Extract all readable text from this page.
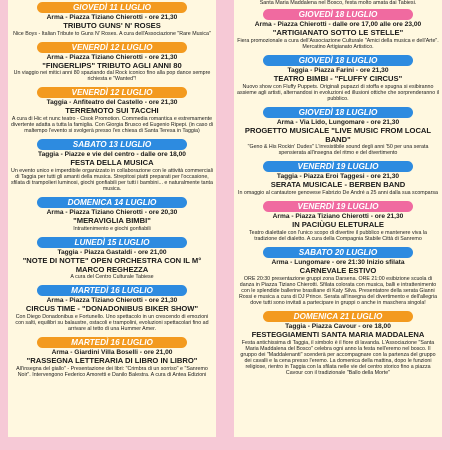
GIOVEDÌ 11 LUGLIO
Arma - Piazza Tiziano Chierotti - ore 21,30
TRIBUTO GUNS' N' ROSES
Nice Boys - Italian Tribute to Guns N' Roses. A cura dell'Associazione "Rare Musica"
VENERDÌ 12 LUGLIO
Arma - Piazza Tiziano Chierotti - ore 21,30
"FINGERLIPS" TRIBUTO AGLI ANNI 80
Un viaggio nei mitici anni 80 spaziando dal Rock iconico fino alla pop dance sempre richiesta e "Wanted"!
VENERDÌ 12 LUGLIO
Taggia - Anfiteatro del Castello - ore 21,30
TERREMOTO SUI TACCHI
A cura di Hic et nunc teatro - Cisok Promotion. Commedia romantica e estremamente divertente adatta a tutta la famiglia. Con Giorgia Brusco ed Eugenio Ripepi. (in caso di maltempo l'evento si svolgerà presso l'ex chiesa di Santa Teresa in Taggia)
SABATO 13 LUGLIO
Taggia - Piazze e vie del centro - dalle ore 18,00
FESTA DELLA MUSICA
Un evento unico e imperdibile organizzato in collaborazione con le attività commerciali di Taggia per tutti gli amanti della musica. Strepitosi piatti preparati per l'occasione, sfilata di trampolieri luminosi, giochi gonfiabili per tutti i bambini... e naturalmente tanta musica.
DOMENICA 14 LUGLIO
Arma - Piazza Tiziano Chierotti - ore 20,30
"MERAVIGLIA BIMBI"
Intrattenimento e giochi gonfiabili
LUNEDÌ 15 LUGLIO
Taggia - Piazza Gastaldi - ore 21,00
"NOTE DI NOTTE" OPEN ORCHESTRA CON IL M° MARCO REGHEZZA
A cura del Centro Culturale Tabiese
MARTEDÌ 16 LUGLIO
Arma - Piazza Tiziano Chierotti - ore 21,30
CIRCUS TIME - "DONADONIBUS BIKER SHOW"
Con Diego Donadonibus e Fortunello. Uno spettacolo in un crescendo di emozioni con salti, equilibri su balaustre, ostacoli e trampolini, evoluzioni spettacolari fino ad arrivare al tetto di una Hummer Amer.
MARTEDÌ 16 LUGLIO
Arma - Giardini Villa Boselli - ore 21,00
"RASSEGNA LETTERARIA DI LIBRO IN LIBRO"
All'insegna del giallo" - Presentazione dei libri: "Crimbra di un sorriso" e "Sanremo Noir". Intervengono Federico Amoretti e Danilo Balestra. A cura di Antea Edizioni
Santa Maria Maddalena nel Bosco, festa molto amata dai Tabiesi.
GIOVEDÌ 18 LUGLIO
Arma - Piazza Chierotti - dalle ore 17,00 alle ore 23,00
"ARTIGIANATO SOTTO LE STELLE"
Fiera promozionale a cura dell'Associazione Culturale "Amici della musica e dell'Arte". Mercatino Artigianato Artistico.
GIOVEDÌ 18 LUGLIO
Taggia - Piazza Farini - ore 21,30
TEATRO BIMBI - "FLUFFY CIRCUS"
Nuovo show con Fluffy Puppets. Originali pupazzi di stoffa e spugna si esibiranno assieme agli artisti, alternandosi in evoluzioni ed illusioni ottiche che sorprenderanno il pubblico.
GIOVEDÌ 18 LUGLIO
Arma - Via Lido, Lungomare - ore 21,30
PROGETTO MUSICALE "LIVE MUSIC FROM LOCAL BAND"
"Geno & His Rockin' Dudes" L'irresistibile sound degli anni '50 per una serata spensierata all'insegna del ritmo e del divertimento
VENERDÌ 19 LUGLIO
Taggia - Piazza Eroi Taggesi - ore 21,30
SERATA MUSICALE - BERBEN BAND
In omaggio al cantautore genovese Fabrizio De André a 25 anni dalla sua scomparsa
VENERDÌ 19 LUGLIO
Arma - Piazza Tiziano Chierotti - ore 21,30
IN PACIÙGU ELETURALE
Teatro dialettale con l'unico scopo di divertire il pubblico e mantenere viva la tradizione del dialetto. A cura della Compagnia Stabile Città di Sanremo
SABATO 20 LUGLIO
Arma - Lungomare - ore 21:30 Inizio sfilata
CARNEVALE ESTIVO
ORE 20:30 presentazione gruppi zona Darsena. ORE 21:00 esibizione scuola di danza in Piazza Tiziano Chierotti. Sfilata colorata con musica, balli e intrattenimento con le splendide ballerine brasiliane di Katy Silva. Presentatore della serata Gianni Rossi e musica a cura di DJ Prince. Serata all'insegna del divertimento e dell'allegria dove tutti sono invitati a partecipare in gruppi o anche in maschera singola!
DOMENICA 21 LUGLIO
Taggia - Piazza Cavour - ore 18,00
FESTEGGIAMENTI SANTA MARIA MADDALENA
Festa antichissima di Taggia, il simbolo è il fiore di lavanda. L'Associazione "Santa Maria Maddalena del Bosco" celebra ogni anno la festa nell'eremo nel bosco. Il gruppo dei "Maddalenanti" scenderà per accompagnare con la partenza del gruppo dei cavalli e la cena presso l'eremo. La domenica della mattina, dopo le funzioni religiose, rientro in Taggia con la sfilata nelle vie del centro storico fino a piazza Cavour con il tradizionale "Ballo della Morte"
